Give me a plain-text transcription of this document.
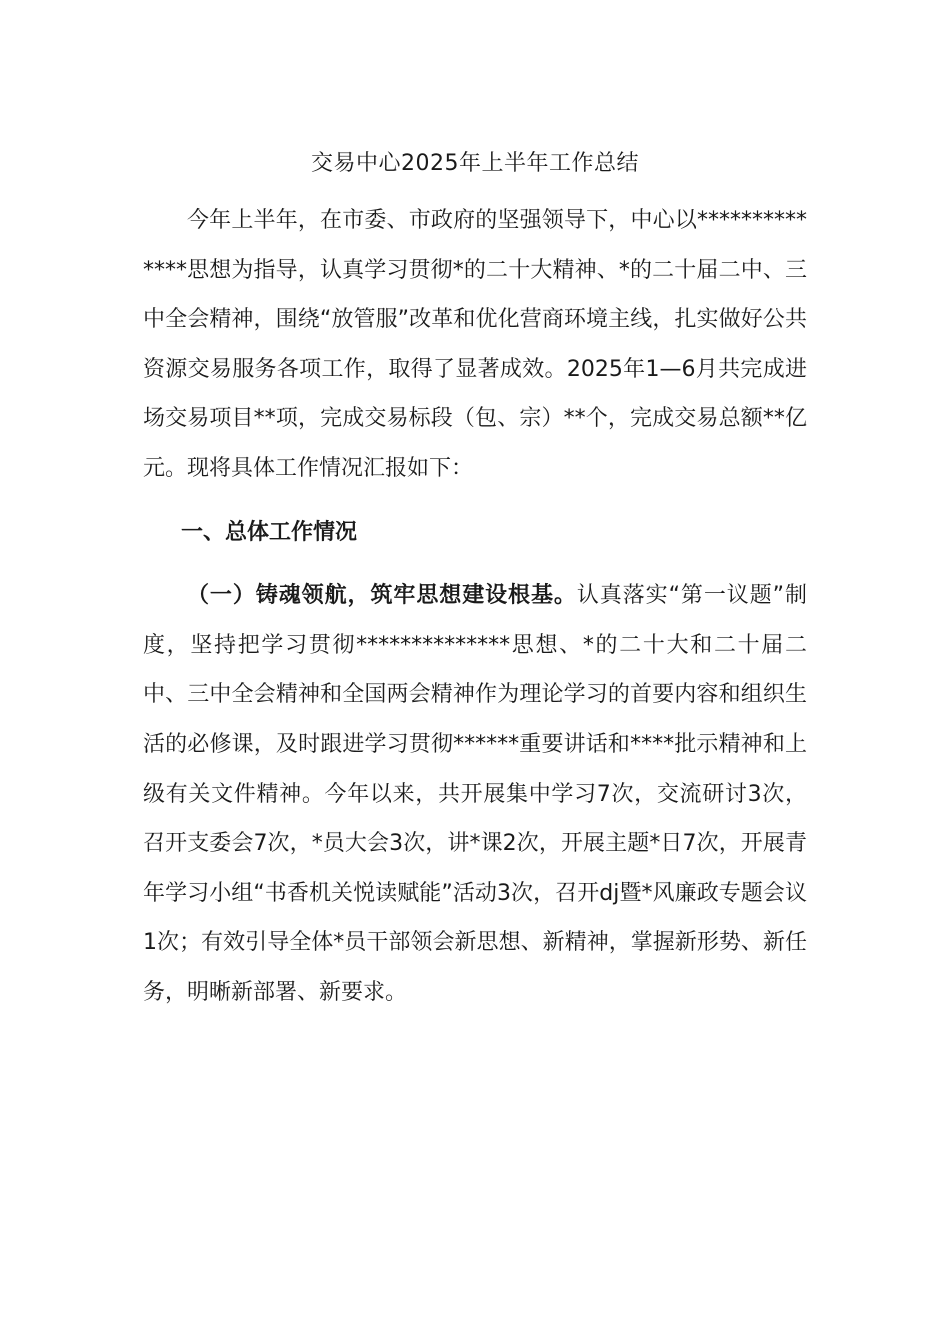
交易中心2025年上半年工作总结

今年上半年，在市委、市政府的坚强领导下，中心以**************思想为指导，认真学习贯彻*的二十大精神、*的二十届二中、三中全会精神，围绕“放管服”改革和优化营商环境主线，扎实做好公共资源交易服务各项工作，取得了显著成效。2025年1—6月共完成进场交易项目**项，完成交易标段（包、宗）**个，完成交易总额**亿元。现将具体工作情况汇报如下：

一、总体工作情况

（一）铸魂领航，筑牢思想建设根基。认真落实“第一议题”制度，坚持把学习贯彻**************思想、*的二十大和二十届二中、三中全会精神和全国两会精神作为理论学习的首要内容和组织生活的必修课，及时跟进学习贯彻******重要讲话和****批示精神和上级有关文件精神。今年以来，共开展集中学习7次，交流研讨3次，召开支委会7次，*员大会3次，讲*课2次，开展主题*日7次，开展青年学习小组“书香机关悦读赋能”活动3次，召开dj暨*风廉政专题会议1次；有效引导全体*员干部领会新思想、新精神，掌握新形势、新任务，明晰新部署、新要求。
